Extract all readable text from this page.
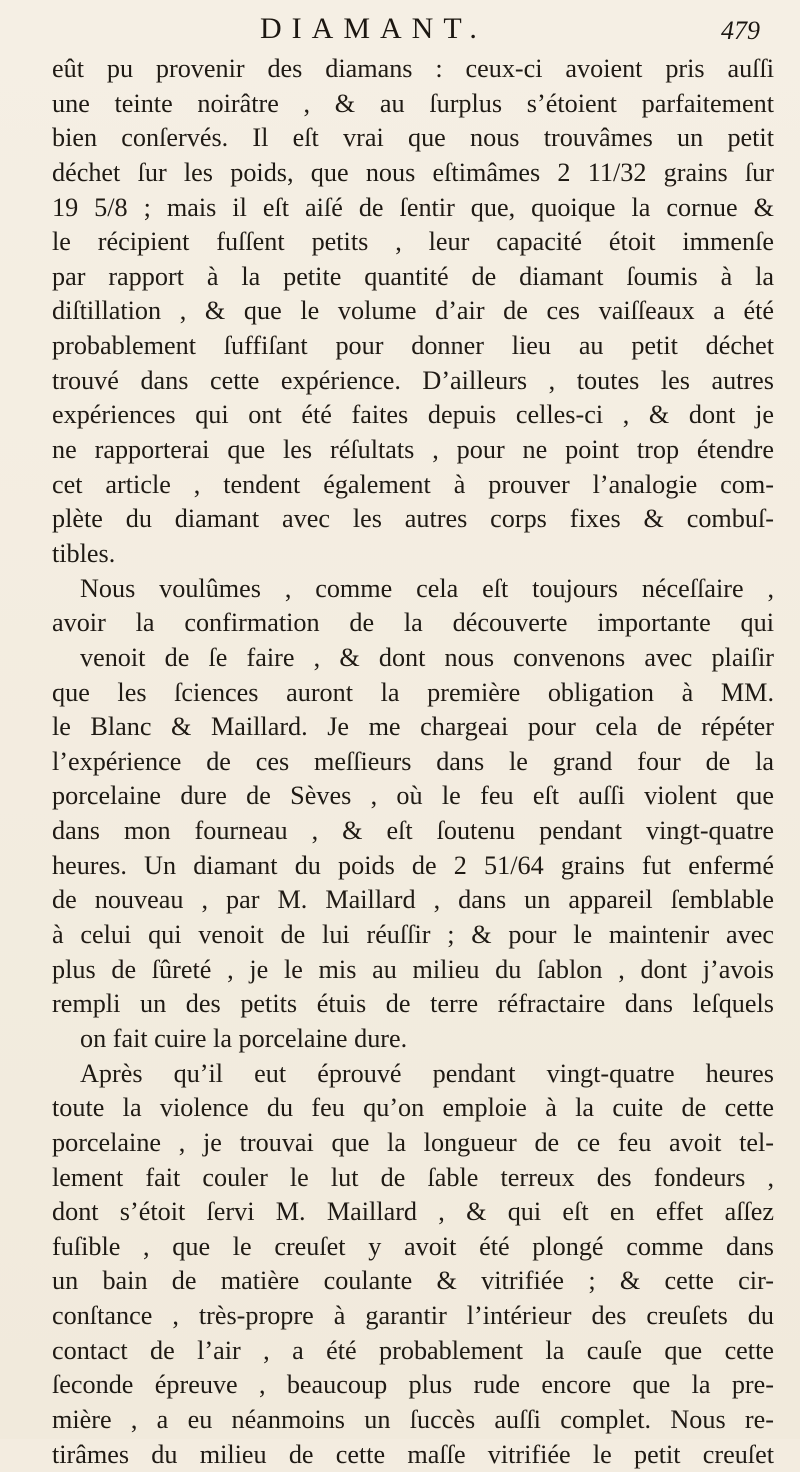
DIAMANT.	479
eût pu provenir des diamans : ceux-ci avoient pris auſſi
une teinte noirâtre , & au ſurplus s’étoient parfaitement
bien conſervés. Il eſt vrai que nous trouvâmes un petit
déchet ſur les poids, que nous eſtimâmes 2 11/32 grains ſur
19 5/8 ; mais il eſt aiſé de ſentir que, quoique la cornue &
le récipient fuſſent petits , leur capacité étoit immenſe
par rapport à la petite quantité de diamant ſoumis à la
diſtillation , & que le volume d’air de ces vaiſſeaux a été
probablement ſuffiſant pour donner lieu au petit déchet
trouvé dans cette expérience. D’ailleurs , toutes les autres
expériences qui ont été faites depuis celles-ci , & dont je
ne rapporterai que les réſultats , pour ne point trop étendre
cet article , tendent également à prouver l’analogie com-
plète du diamant avec les autres corps fixes & combuſ-
tibles.
Nous voulûmes , comme cela eſt toujours néceſſaire ,
avoir la confirmation de la découverte importante qui
venoit de ſe faire , & dont nous convenons avec plaiſir
que les ſciences auront la première obligation à MM.
le Blanc & Maillard. Je me chargeai pour cela de répéter
l’expérience de ces meſſieurs dans le grand four de la
porcelaine dure de Sèves , où le feu eſt auſſi violent que
dans mon fourneau , & eſt ſoutenu pendant vingt-quatre
heures. Un diamant du poids de 2 51/64 grains fut enfermé
de nouveau , par M. Maillard , dans un appareil ſemblable
à celui qui venoit de lui réuſſir ; & pour le maintenir avec
plus de ſûreté , je le mis au milieu du ſablon , dont j’avois
rempli un des petits étuis de terre réfractaire dans leſquels
on fait cuire la porcelaine dure.
Après qu’il eut éprouvé pendant vingt-quatre heures
toute la violence du feu qu’on emploie à la cuite de cette
porcelaine , je trouvai que la longueur de ce feu avoit tel-
lement fait couler le lut de ſable terreux des fondeurs ,
dont s’étoit ſervi M. Maillard , & qui eſt en effet aſſez
fuſible , que le creuſet y avoit été plongé comme dans
un bain de matière coulante & vitrifiée ; & cette cir-
conſtance , très-propre à garantir l’intérieur des creuſets du
contact de l’air , a été probablement la cauſe que cette
ſeconde épreuve , beaucoup plus rude encore que la pre-
mière , a eu néanmoins un ſuccès auſſi complet. Nous re-
tirâmes du milieu de cette maſſe vitrifiée le petit creuſet
